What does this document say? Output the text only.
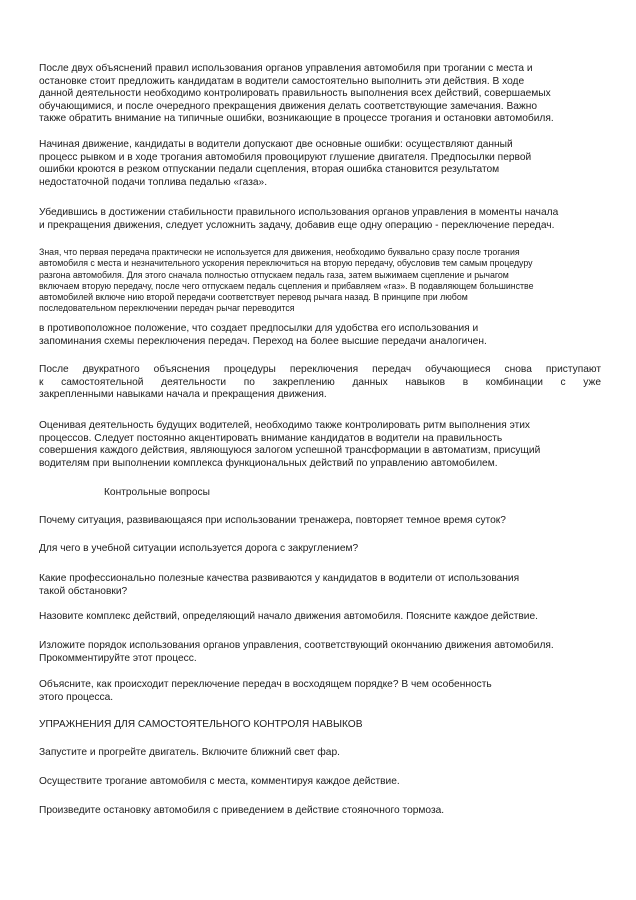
После двух объяснений правил использования органов управления автомобиля при трогании с места и
остановке стоит предложить кандидатам в водители самостоятельно выполнить эти действия. В ходе
данной деятельности необходимо контролировать правильность выполнения всех действий, совершаемых
обучающимися, и после очередного прекращения движения делать соответствующие замечания. Важно
также обратить внимание на типичные ошибки, возникающие в процессе трогания и остановки автомобиля.

Начиная движение, кандидаты в водители допускают две основные ошибки: осуществляют данный
процесс рывком и в ходе трогания автомобиля провоцируют глушение двигателя. Предпосылки первой
ошибки кроются в резком отпускании педали сцепления, вторая ошибка становится результатом
недостаточной подачи топлива педалью «газа».

Убедившись в достижении стабильности правильного использования органов управления в моменты начала
и прекращения движения, следует усложнить задачу, добавив еще одну операцию - переключение передач.

Зная, что первая передача практически не используется для движения, необходимо буквально сразу после трогания
автомобиля с места и незначительного ускорения переключиться на вторую передачу, обусловив тем самым процедуру
разгона автомобиля. Для этого сначала полностью отпускаем педаль газа, затем выжимаем сцепление и рычагом
включаем вторую передачу, после чего отпускаем педаль сцепления и прибавляем «газ». В подавляющем большинстве
автомобилей включе нию второй передачи соответствует перевод рычага назад. В принципе при любом
последовательном переключении передач рычаг переводится

в противоположное положение, что создает предпосылки для удобства его использования и
запоминания схемы переключения передач. Переход на более высшие передачи аналогичен.

После двукратного объяснения процедуры переключения передач обучающиеся снова приступают
к самостоятельной деятельности по закреплению данных навыков в комбинации с уже
закрепленными навыками начала и прекращения движения.

Оценивая деятельность будущих водителей, необходимо также контролировать ритм выполнения этих
процессов. Следует постоянно акцентировать внимание кандидатов в водители на правильность
совершения каждого действия, являющуюся залогом успешной трансформации в автоматизм, присущий
водителям при выполнении комплекса функциональных действий по управлению автомобилем.

Контрольные вопросы

Почему ситуация, развивающаяся при использовании тренажера, повторяет темное время суток?

Для чего в учебной ситуации используется дорога с закруглением?

Какие профессионально полезные качества развиваются у кандидатов в водители от использования
такой обстановки?

Назовите комплекс действий, определяющий начало движения автомобиля. Поясните каждое действие.

Изложите порядок использования органов управления, соответствующий окончанию движения автомобиля.
Прокомментируйте этот процесс.

Объясните, как происходит переключение передач в восходящем порядке? В чем особенность
этого процесса.

УПРАЖНЕНИЯ ДЛЯ САМОСТОЯТЕЛЬНОГО КОНТРОЛЯ НАВЫКОВ

Запустите и прогрейте двигатель. Включите ближний свет фар.

Осуществите трогание автомобиля с места, комментируя каждое действие.

Произведите остановку автомобиля с приведением в действие стояночного тормоза.
